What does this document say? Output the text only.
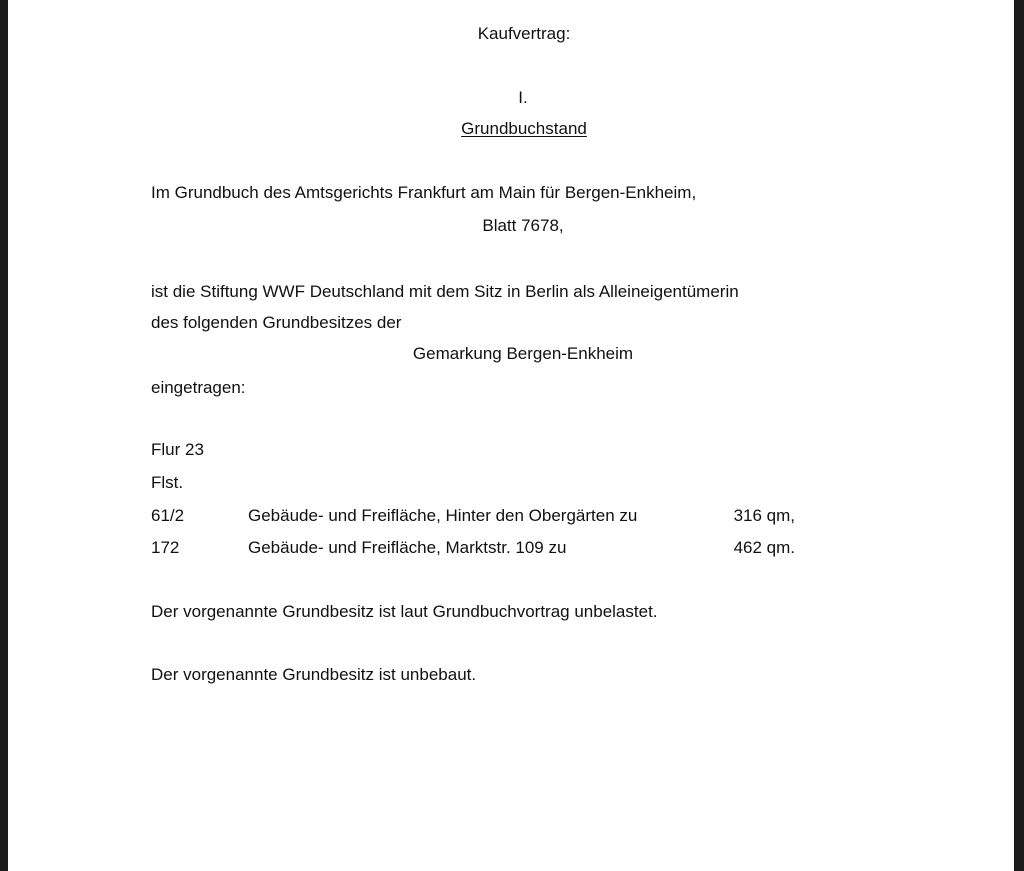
Kaufvertrag:
I.
Grundbuchstand
Im Grundbuch des Amtsgerichts Frankfurt am Main für Bergen-Enkheim,
Blatt 7678,
ist die Stiftung WWF Deutschland mit dem Sitz in Berlin als Alleineigentümerin
des folgenden Grundbesitzes der
Gemarkung Bergen-Enkheim
eingetragen:
Flur 23
Flst.
61/2	Gebäude- und Freifläche, Hinter den Obergärten zu	316 qm,
172	Gebäude- und Freifläche, Marktstr. 109 zu	462 qm.
Der vorgenannte Grundbesitz ist laut Grundbuchvortrag unbelastet.
Der vorgenannte Grundbesitz ist unbebaut.
